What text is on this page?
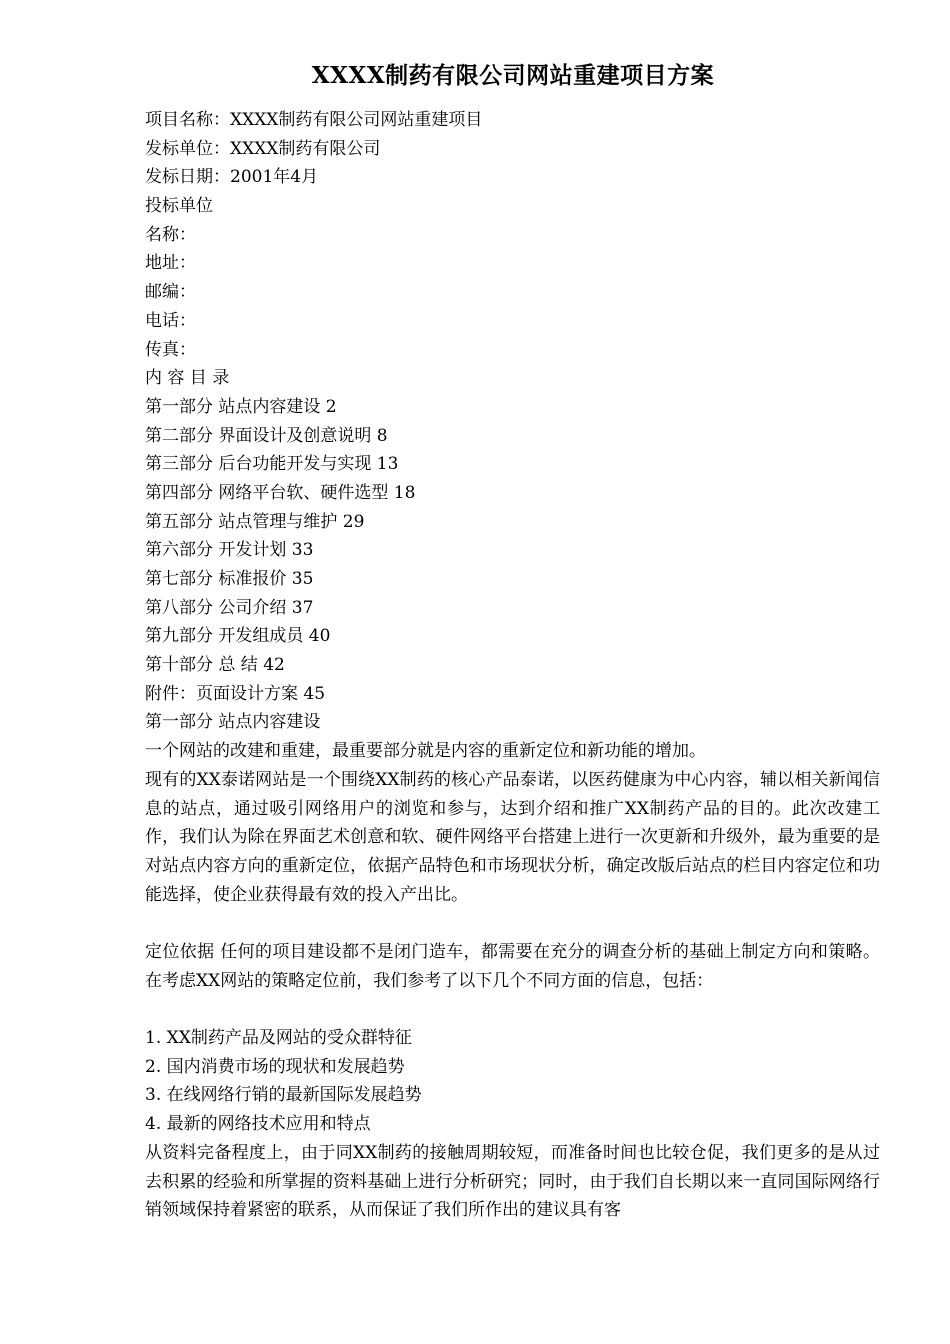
XXXX制药有限公司网站重建项目方案
项目名称：XXXX制药有限公司网站重建项目
发标单位：XXXX制药有限公司
发标日期：2001年4月
投标单位
名称：
地址：
邮编：
电话：
传真：
内 容 目 录
第一部分 站点内容建设 2
第二部分 界面设计及创意说明 8
第三部分 后台功能开发与实现 13
第四部分 网络平台软、硬件选型 18
第五部分 站点管理与维护 29
第六部分 开发计划 33
第七部分 标准报价 35
第八部分 公司介绍 37
第九部分 开发组成员 40
第十部分 总 结 42
附件：页面设计方案 45
第一部分 站点内容建设
一个网站的改建和重建，最重要部分就是内容的重新定位和新功能的增加。
现有的XX泰诺网站是一个围绕XX制药的核心产品泰诺，以医药健康为中心内容，辅以相关新闻信息的站点，通过吸引网络用户的浏览和参与，达到介绍和推广XX制药产品的目的。此次改建工作，我们认为除在界面艺术创意和软、硬件网络平台搭建上进行一次更新和升级外，最为重要的是对站点内容方向的重新定位，依据产品特色和市场现状分析，确定改版后站点的栏目内容定位和功能选择，使企业获得最有效的投入产出比。
定位依据 任何的项目建设都不是闭门造车，都需要在充分的调查分析的基础上制定方向和策略。在考虑XX网站的策略定位前，我们参考了以下几个不同方面的信息，包括：
1. XX制药产品及网站的受众群特征
2. 国内消费市场的现状和发展趋势
3. 在线网络行销的最新国际发展趋势
4. 最新的网络技术应用和特点
从资料完备程度上，由于同XX制药的接触周期较短，而准备时间也比较仓促，我们更多的是从过去积累的经验和所掌握的资料基础上进行分析研究；同时，由于我们自长期以来一直同国际网络行销领域保持着紧密的联系，从而保证了我们所作出的建议具有客
